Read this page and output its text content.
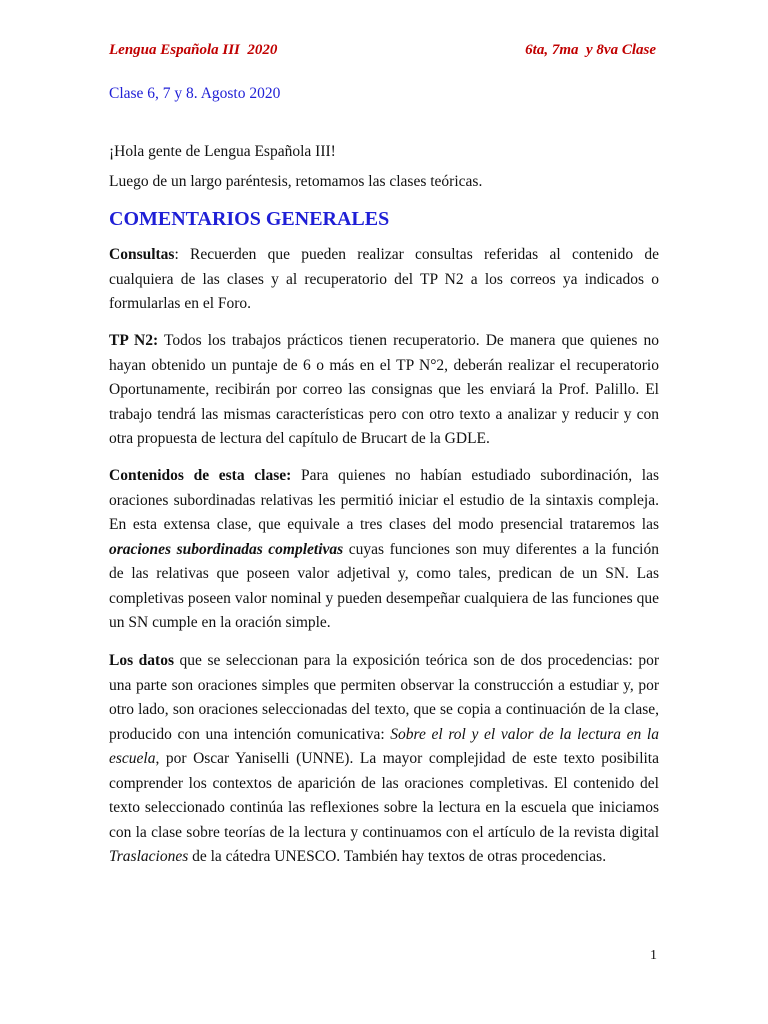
Lengua Española III  2020	6ta, 7ma  y 8va Clase
Clase 6, 7 y 8. Agosto 2020
¡Hola gente de Lengua Española III!
Luego de un largo paréntesis, retomamos las clases teóricas.
COMENTARIOS GENERALES
Consultas: Recuerden que pueden realizar consultas referidas al contenido de
cualquiera de las clases y al recuperatorio del TP N2 a los correos ya indicados o
formularlas en el Foro.
TP N2: Todos los trabajos prácticos tienen recuperatorio. De manera que quienes no
hayan obtenido un puntaje de 6 o más en el TP N°2, deberán realizar el recuperatorio
Oportunamente, recibirán por correo las consignas que les enviará la Prof. Palillo. El
trabajo tendrá las mismas características pero con otro texto a analizar y reducir y con
otra propuesta de lectura del capítulo de Brucart de la GDLE.
Contenidos de esta clase: Para quienes no habían estudiado subordinación, las
oraciones subordinadas relativas les permitió iniciar el estudio de la sintaxis compleja.
En esta extensa clase, que equivale a tres clases del modo presencial trataremos las
oraciones subordinadas completivas cuyas funciones son muy diferentes a la función
de las relativas que poseen valor adjetival y, como tales, predican de un SN. Las
completivas poseen valor nominal y pueden desempeñar cualquiera de las funciones que
un SN cumple en la oración simple.
Los datos que se seleccionan para la exposición teórica son de dos procedencias: por
una parte son oraciones simples que permiten observar la construcción a estudiar y, por
otro lado, son oraciones seleccionadas del texto, que se copia a continuación de la clase,
producido con una intención comunicativa: Sobre el rol y el valor de la lectura en la
escuela, por Oscar Yaniselli (UNNE). La mayor complejidad de este texto posibilita
comprender los contextos de aparición de las oraciones completivas. El contenido del
texto seleccionado continúa las reflexiones sobre la lectura en la escuela que iniciamos
con la clase sobre teorías de la lectura y continuamos con el artículo de la revista digital
Traslaciones de la cátedra UNESCO. También hay textos de otras procedencias.
1
